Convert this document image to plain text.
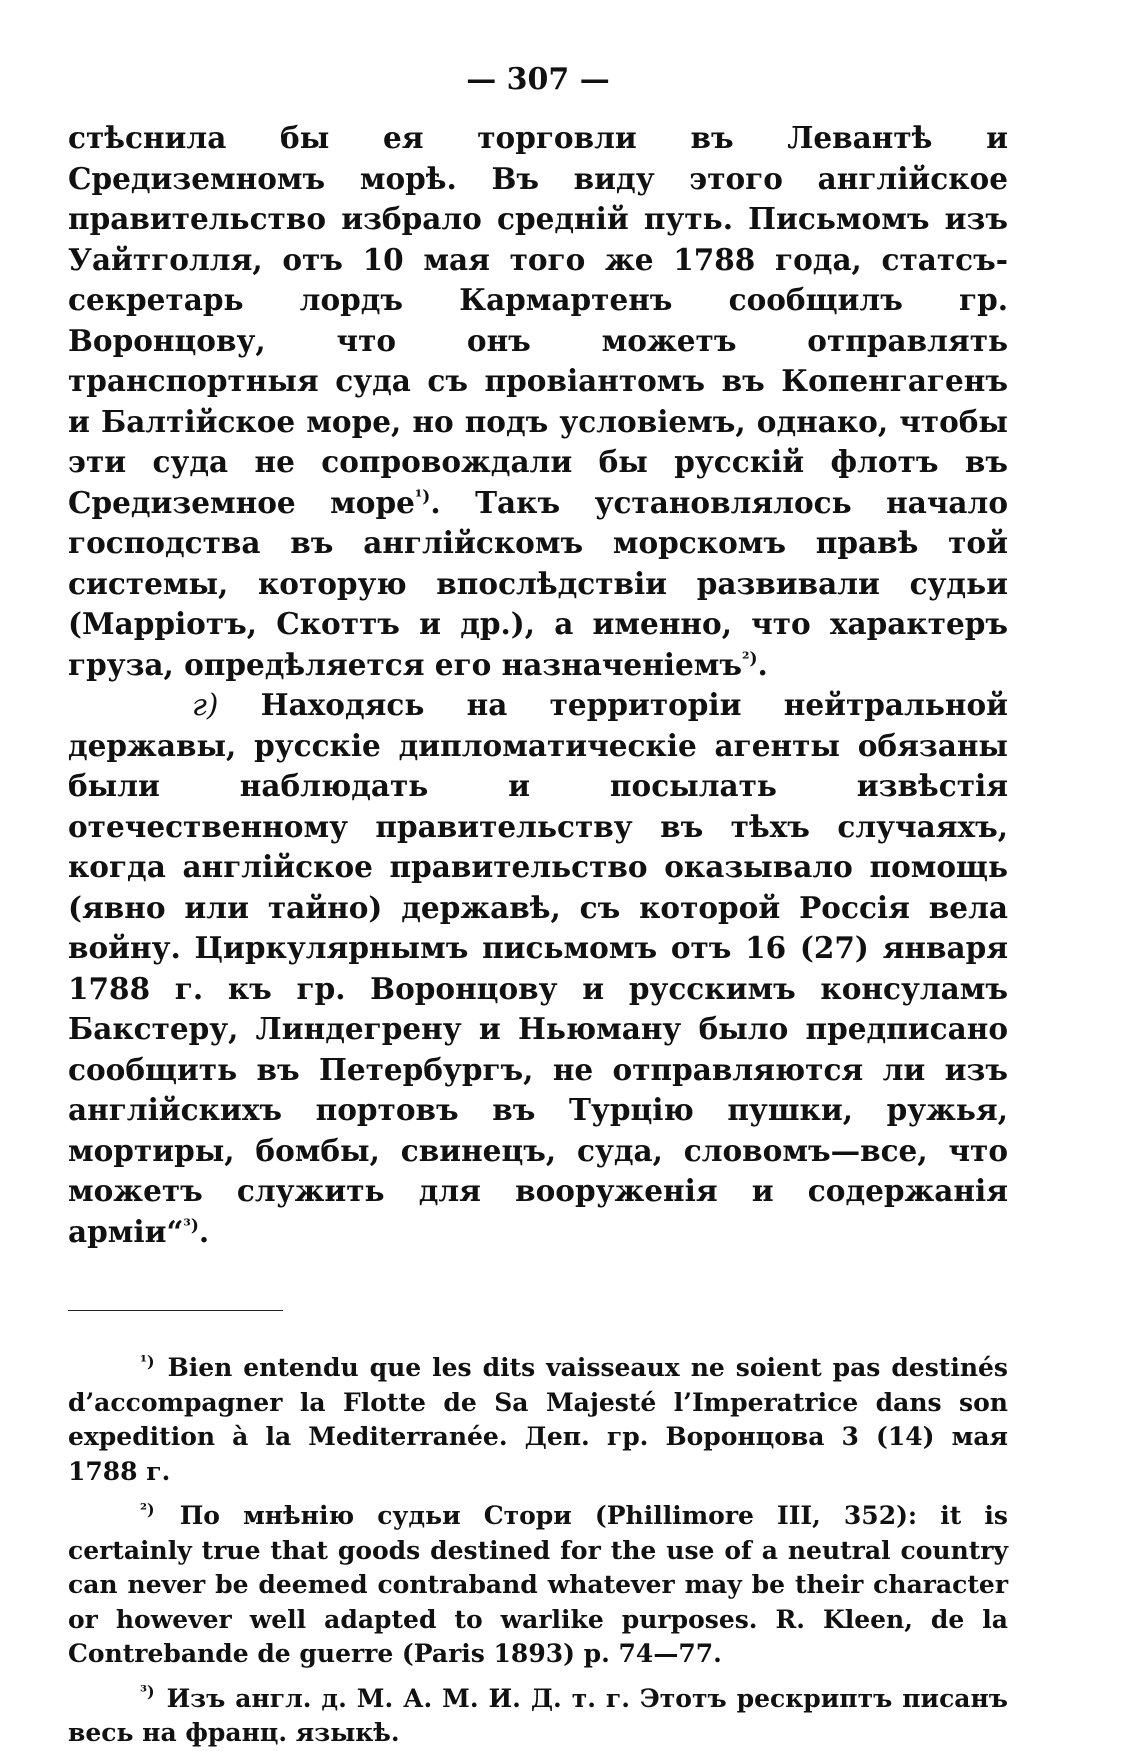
— 307 —

стѣснила бы ея торговли въ Левантѣ и Средиземномъ морѣ. Въ виду этого англійское правительство избрало средній путь. Письмомъ изъ Уайтголля, отъ 10 мая того же 1788 года, статсъ-секретарь лордъ Кармартенъ сообщилъ гр. Воронцову, что онъ можетъ отправлять транспортныя суда съ провіантомъ въ Копенгагенъ и Балтійское море, но подъ условіемъ, однако, чтобы эти суда не сопровождали бы русскій флотъ въ Средиземное море$^{^1)}$. Такъ установлялось начало господства въ англійскомъ морскомъ правѣ той системы, которую впослѣдствіи развивали судьи (Марріотъ, Скоттъ и др.), а именно, что характеръ груза, опредѣляется его назначеніемъ$^{^2)}$.

г) Находясь на территоріи нейтральной державы, русскіе дипломатическіе агенты обязаны были наблюдать и посылать извѣстія отечественному правительству въ тѣхъ случаяхъ, когда англійское правительство оказывало помощь (явно или тайно) державѣ, съ которой Россія вела войну. Циркулярнымъ письмомъ отъ 16 (27) января 1788 г. къ гр. Воронцову и русскимъ консуламъ Бакстеру, Линдегрену и Ньюману было предписано сообщить въ Петербургъ, не отправляются ли изъ англійскихъ портовъ въ Турцію пушки, ружья, мортиры, бомбы, свинецъ, суда, словомъ—все, что можетъ служить для вооруженія и содержанія арміи“$^{^3)}$.

$^{^1)}$ Bien entendu que les dits vaisseaux ne soient pas destinés d’accompagner la Flotte de Sa Majesté l’Imperatrice dans son expedition à la Mediterranée. Деп. гр. Воронцова 3 (14) мая 1788 г.

$^{^2)}$ По мнѣнію судьи Стори (Phillimore III, 352): it is certainly true that goods destined for the use of a neutral country can never be deemed contraband whatever may be their character or however well adapted to warlike purposes. R. Kleen, de la Contrebande de guerre (Paris 1893) p. 74—77.

$^{^3)}$ Изъ англ. д. М. А. М. И. Д. т. г. Этотъ рескриптъ писанъ весь на франц. языкѣ.
